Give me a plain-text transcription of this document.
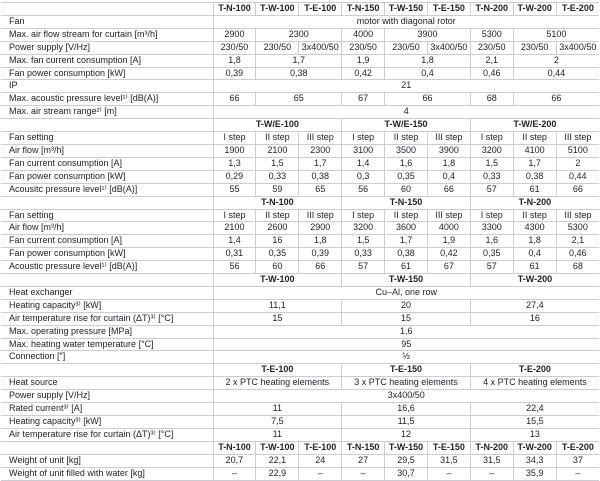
	T-N-100	T-W-100	T-E-100	T-N-150	T-W-150	T-E-150	T-N-200	T-W-200	T-E-200
Fan	motor with diagonal rotor								
Max. air flow stream for curtain [m³/h]	2900	2300		4000	3900		5300	5100	
Power supply [V/Hz]	230/50	230/50	3x400/50	230/50	230/50	3x400/50	230/50	230/50	3x400/50
Max. fan current consumption [A]	1,8	1,7		1,9	1,8		2,1	2	
Fan power consumption [kW]	0,39	0,38		0,42	0,4		0,46	0,44	
IP	21								
Max. acoustic pressure level¹⁾ [dB(A)]	66	65		67	66		68	66	
Max. air stream range²⁾ [m]	4								
	T-W/E-100			T-W/E-150			T-W/E-200		
Fan setting	I step	II step	III step	I step	II step	III step	I step	II step	III step
Air flow [m³/h]	1900	2100	2300	3100	3500	3900	3200	4100	5100
Fan current consumption [A]	1,3	1,5	1,7	1,4	1,6	1,8	1,5	1,7	2
Fan power consumption [kW]	0,29	0,33	0,38	0,3	0,35	0,4	0,33	0,38	0,44
Acousitc pressure level¹⁾ [dB(A)]	55	59	65	56	60	66	57	61	66
	T-N-100			T-N-150			T-N-200		
Fan setting	I step	II step	III step	I step	II step	III step	I step	II step	III step
Air flow [m³/h]	2100	2600	2900	3200	3600	4000	3300	4300	5300
Fan current consumption [A]	1,4	16	1,8	1,5	1,7	1,9	1,6	1,8	2,1
Fan power consumption [kW]	0,31	0,35	0,39	0,33	0,38	0,42	0,35	0,4	0,46
Acoustic pressure level¹⁾ [dB(A)]	56	60	66	57	61	67	57	61	68
	T-W-100			T-W-150			T-W-200		
Heat exchanger	Cu–Al, one row								
Heating capacity³⁾ [kW]	11,1			20			27,4		
Air temperature rise for curtain (ΔT)³⁾ [°C]	15			15			16		
Max. operating pressure [MPa]	1,6								
Max. heating water temperature [°C]	95								
Connection [″]	½								
	T-E-100			T-E-150			T-E-200		
Heat source	2 x PTC heating elements			3 x PTC heating elements			4 x PTC heating elements		
Power supply [V/Hz]	3x400/50								
Rated current³⁾ [A]	11			16,6			22,4		
Heating capacity³⁾ [kW]	7,5			11,5			15,5		
Air temperature rise for curtain (ΔT)³⁾ [°C]	11			12			13		
	T-N-100	T-W-100	T-E-100	T-N-150	T-W-150	T-E-150	T-N-200	T-W-200	T-E-200
Weight of unit [kg]	20,7	22,1	24	27	29,5	31,5	31,5	34,3	37
Weight of unit filled with water [kg]	–	22,9	–	–	30,7	–	–	35,9	–
